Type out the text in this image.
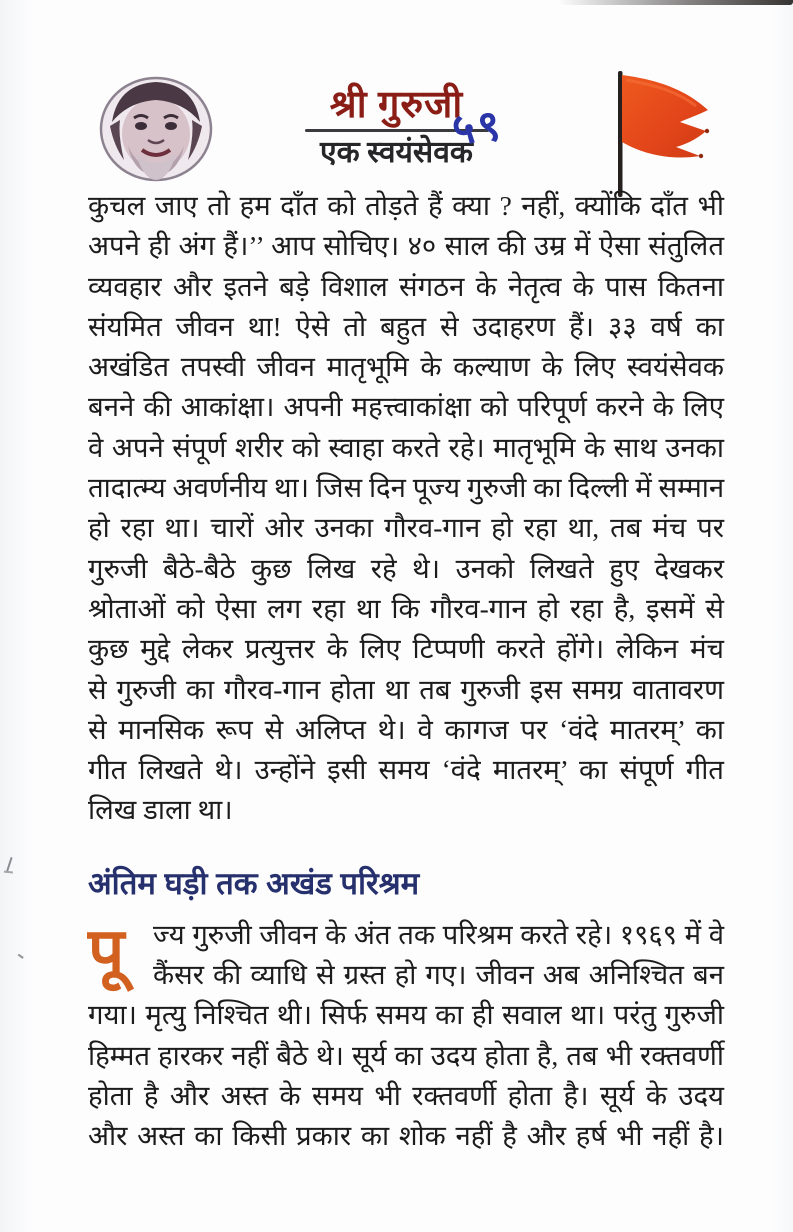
श्री गुरुजी
एक स्वयंसेवक
५९
कुचल जाए तो हम दाँत को तोड़ते हैं क्या ? नहीं, क्योंकि दाँत भी
अपने ही अंग हैं।’’ आप सोचिए। ४० साल की उम्र में ऐसा संतुलित
व्यवहार और इतने बड़े विशाल संगठन के नेतृत्व के पास कितना
संयमित जीवन था! ऐसे तो बहुत से उदाहरण हैं। ३३ वर्ष का
अखंडित तपस्वी जीवन मातृभूमि के कल्याण के लिए स्वयंसेवक
बनने की आकांक्षा। अपनी महत्त्वाकांक्षा को परिपूर्ण करने के लिए
वे अपने संपूर्ण शरीर को स्वाहा करते रहे। मातृभूमि के साथ उनका
तादात्म्य अवर्णनीय था। जिस दिन पूज्य गुरुजी का दिल्ली में सम्मान
हो रहा था। चारों ओर उनका गौरव-गान हो रहा था, तब मंच पर
गुरुजी बैठे-बैठे कुछ लिख रहे थे। उनको लिखते हुए देखकर
श्रोताओं को ऐसा लग रहा था कि गौरव-गान हो रहा है, इसमें से
कुछ मुद्दे लेकर प्रत्युत्तर के लिए टिप्पणी करते होंगे। लेकिन मंच
से गुरुजी का गौरव-गान होता था तब गुरुजी इस समग्र वातावरण
से मानसिक रूप से अलिप्त थे। वे कागज पर ‘वंदे मातरम्’ का
गीत लिखते थे। उन्होंने इसी समय ‘वंदे मातरम्’ का संपूर्ण गीत
लिख डाला था।
अंतिम घड़ी तक अखंड परिश्रम
पू	ज्य गुरुजी जीवन के अंत तक परिश्रम करते रहे। १९६९ में वे
कैंसर की व्याधि से ग्रस्त हो गए। जीवन अब अनिश्चित बन
गया। मृत्यु निश्चित थी। सिर्फ समय का ही सवाल था। परंतु गुरुजी
हिम्मत हारकर नहीं बैठे थे। सूर्य का उदय होता है, तब भी रक्तवर्णी
होता है और अस्त के समय भी रक्तवर्णी होता है। सूर्य के उदय
और अस्त का किसी प्रकार का शोक नहीं है और हर्ष भी नहीं है।
